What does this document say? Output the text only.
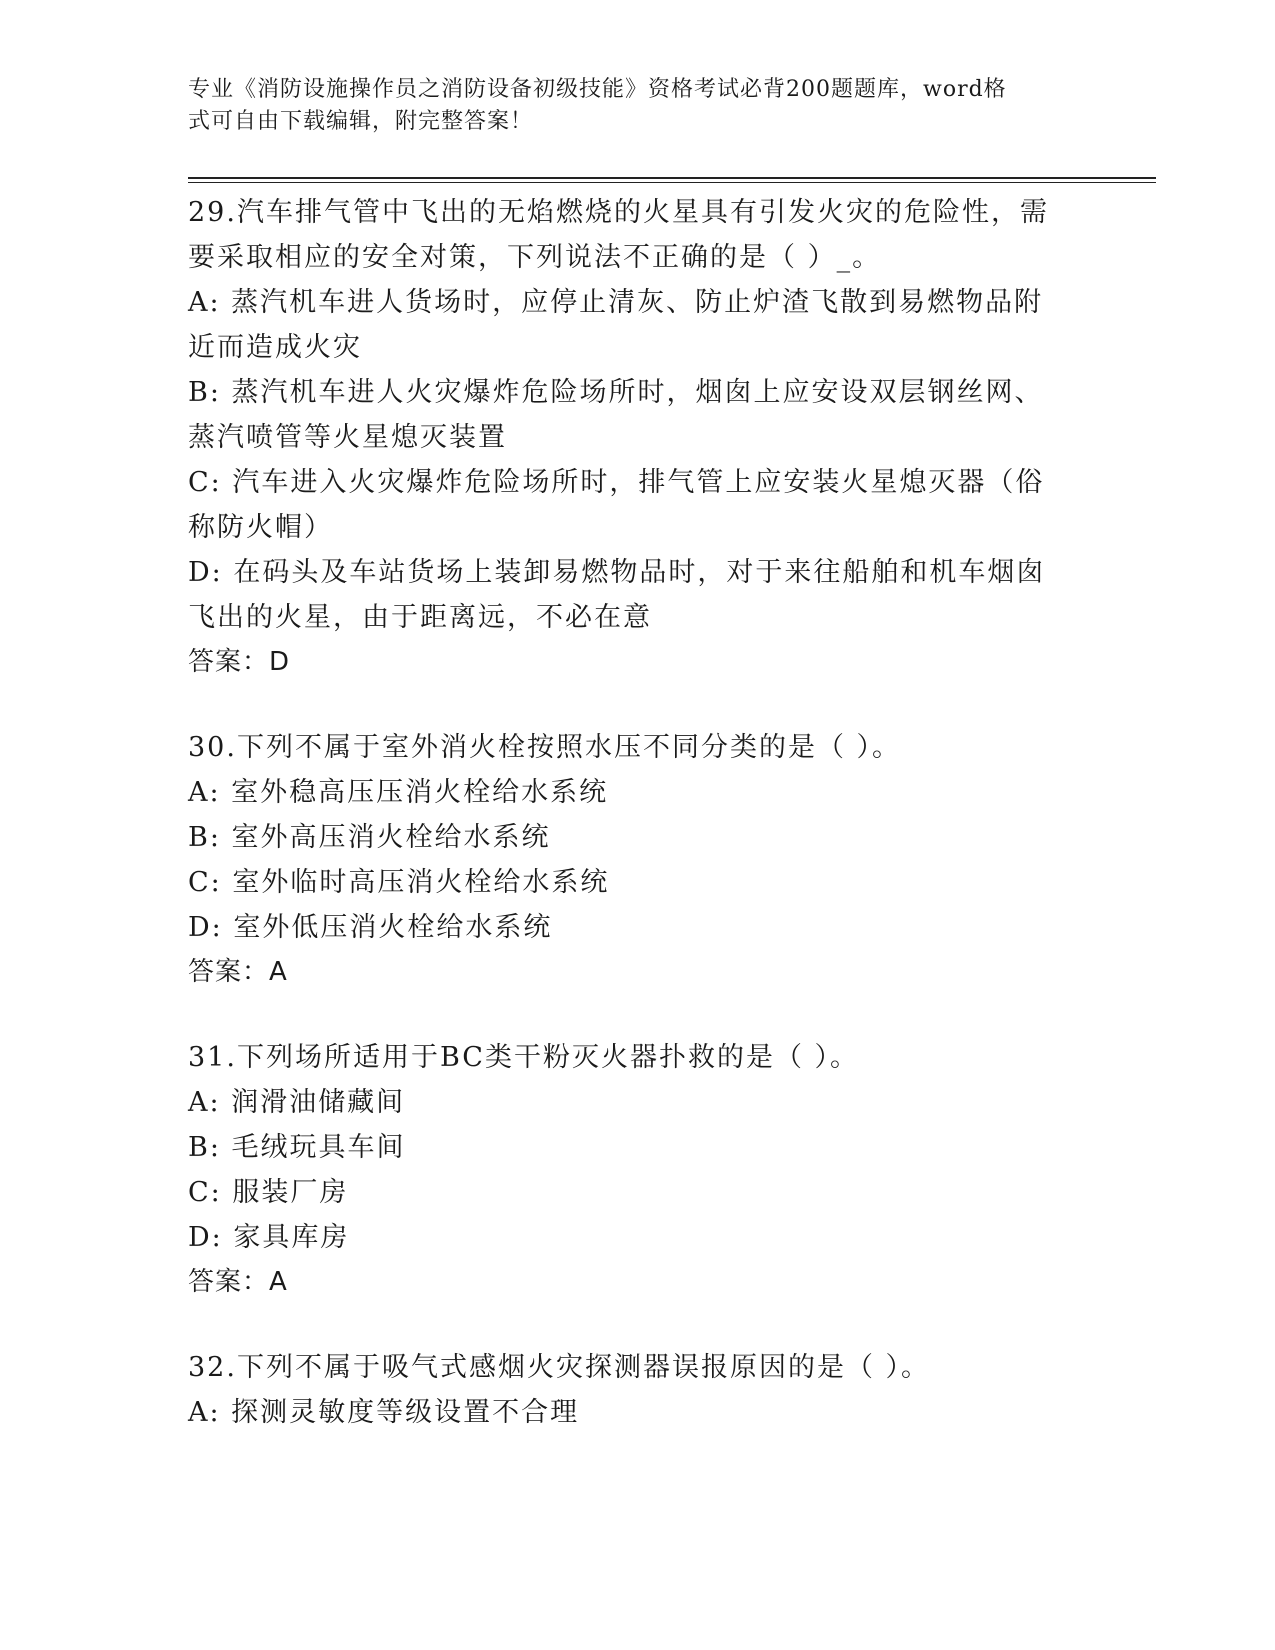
专业《消防设施操作员之消防设备初级技能》资格考试必背200题题库，word格
式可自由下载编辑，附完整答案！
29.汽车排气管中飞出的无焰燃烧的火星具有引发火灾的危险性，需要采取相应的安全对策，下列说法不正确的是（ ）_。
A: 蒸汽机车进人货场时，应停止清灰、防止炉渣飞散到易燃物品附近而造成火灾
B: 蒸汽机车进人火灾爆炸危险场所时，烟囱上应安设双层钢丝网、蒸汽喷管等火星熄灭装置
C: 汽车进入火灾爆炸危险场所时，排气管上应安装火星熄灭器（俗称防火帽）
D: 在码头及车站货场上装卸易燃物品时，对于来往船舶和机车烟囱飞出的火星，由于距离远，不必在意
答案：D
30.下列不属于室外消火栓按照水压不同分类的是（ ）。
A: 室外稳高压压消火栓给水系统
B: 室外高压消火栓给水系统
C: 室外临时高压消火栓给水系统
D: 室外低压消火栓给水系统
答案：A
31.下列场所适用于BC类干粉灭火器扑救的是（ ）。
A: 润滑油储藏间
B: 毛绒玩具车间
C: 服装厂房
D: 家具库房
答案：A
32.下列不属于吸气式感烟火灾探测器误报原因的是（ ）。
A: 探测灵敏度等级设置不合理
